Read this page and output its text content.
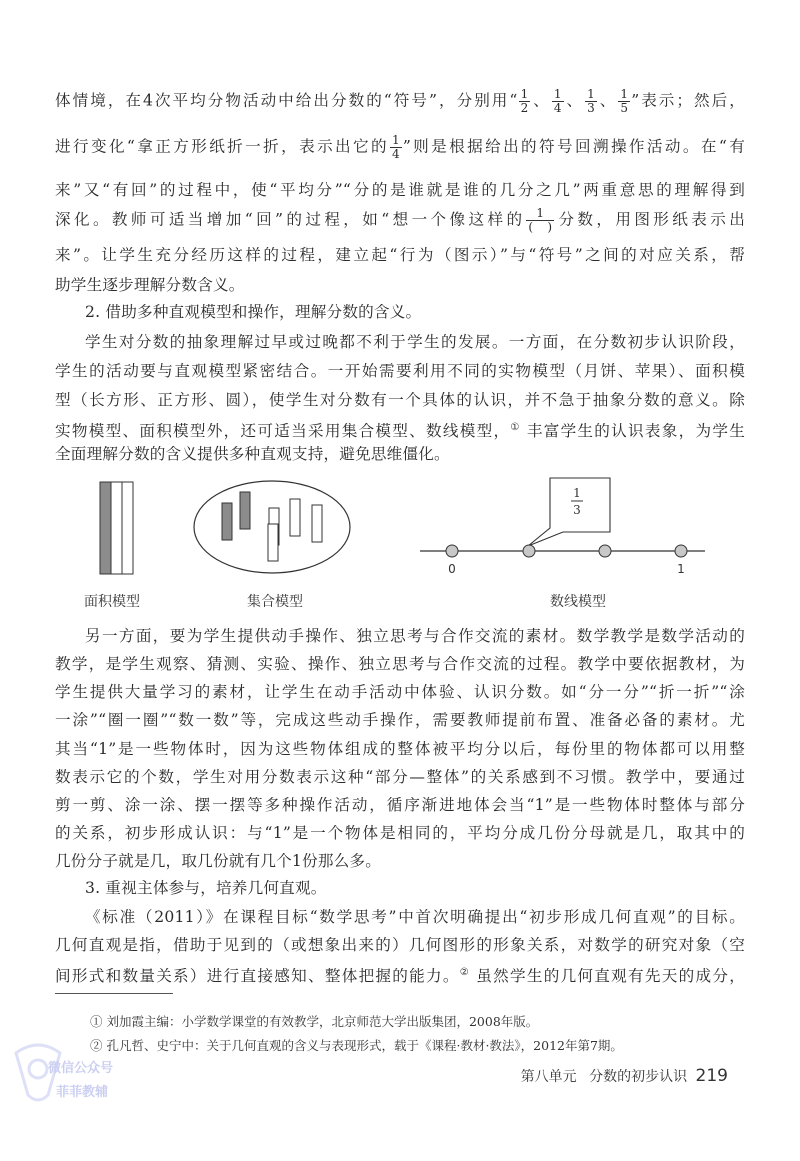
体情境，在4次平均分物活动中给出分数的“符号”，分别用“ $\frac{1}{2}$ 、 $\frac{1}{4}$ 、 $\frac{1}{3}$ 、 $\frac{1}{5}$ ”表示；然后，
进行变化“拿正方形纸折一折，表示出它的 $\frac{1}{4}$ ”则是根据给出的符号回溯操作活动。在“有
来”又“有回”的过程中，使“平均分”“分的是谁就是谁的几分之几”两重意思的理解得到
深化。教师可适当增加“回”的过程，如“想一个像这样的 $\frac{1}{( )}$ 分数，用图形纸表示出
来”。让学生充分经历这样的过程，建立起“行为（图示）”与“符号”之间的对应关系，帮
助学生逐步理解分数含义。
2. 借助多种直观模型和操作，理解分数的含义。
学生对分数的抽象理解过早或过晚都不利于学生的发展。一方面，在分数初步认识阶段，
学生的活动要与直观模型紧密结合。一开始需要利用不同的实物模型（月饼、苹果）、面积模
型（长方形、正方形、圆），使学生对分数有一个具体的认识，并不急于抽象分数的意义。除
实物模型、面积模型外，还可适当采用集合模型、数线模型，① 丰富学生的认识表象，为学生
全面理解分数的含义提供多种直观支持，避免思维僵化。
另一方面，要为学生提供动手操作、独立思考与合作交流的素材。数学教学是数学活动的
教学，是学生观察、猜测、实验、操作、独立思考与合作交流的过程。教学中要依据教材，为
学生提供大量学习的素材，让学生在动手活动中体验、认识分数。如“分一分”“折一折”“涂
一涂”“圈一圈”“数一数”等，完成这些动手操作，需要教师提前布置、准备必备的素材。尤
其当“1”是一些物体时，因为这些物体组成的整体被平均分以后，每份里的物体都可以用整
数表示它的个数，学生对用分数表示这种“部分—整体”的关系感到不习惯。教学中，要通过
剪一剪、涂一涂、摆一摆等多种操作活动，循序渐进地体会当“1”是一些物体时整体与部分
的关系，初步形成认识：与“1”是一个物体是相同的，平均分成几份分母就是几，取其中的
几份分子就是几，取几份就有几个1份那么多。
3. 重视主体参与，培养几何直观。
《标准（2011）》在课程目标“数学思考”中首次明确提出“初步形成几何直观”的目标。
几何直观是指，借助于见到的（或想象出来的）几何图形的形象关系，对数学的研究对象（空
间形式和数量关系）进行直接感知、整体把握的能力。② 虽然学生的几何直观有先天的成分，
1
3
0	1
面积模型	集合模型	数线模型
① 刘加霞主编：小学数学课堂的有效教学，北京师范大学出版集团，2008年版。
② 孔凡哲、史宁中：关于几何直观的含义与表现形式，载于《课程·教材·教法》，2012年第7期。
第八单元 分数的初步认识 219
微信公众号
菲菲教辅
